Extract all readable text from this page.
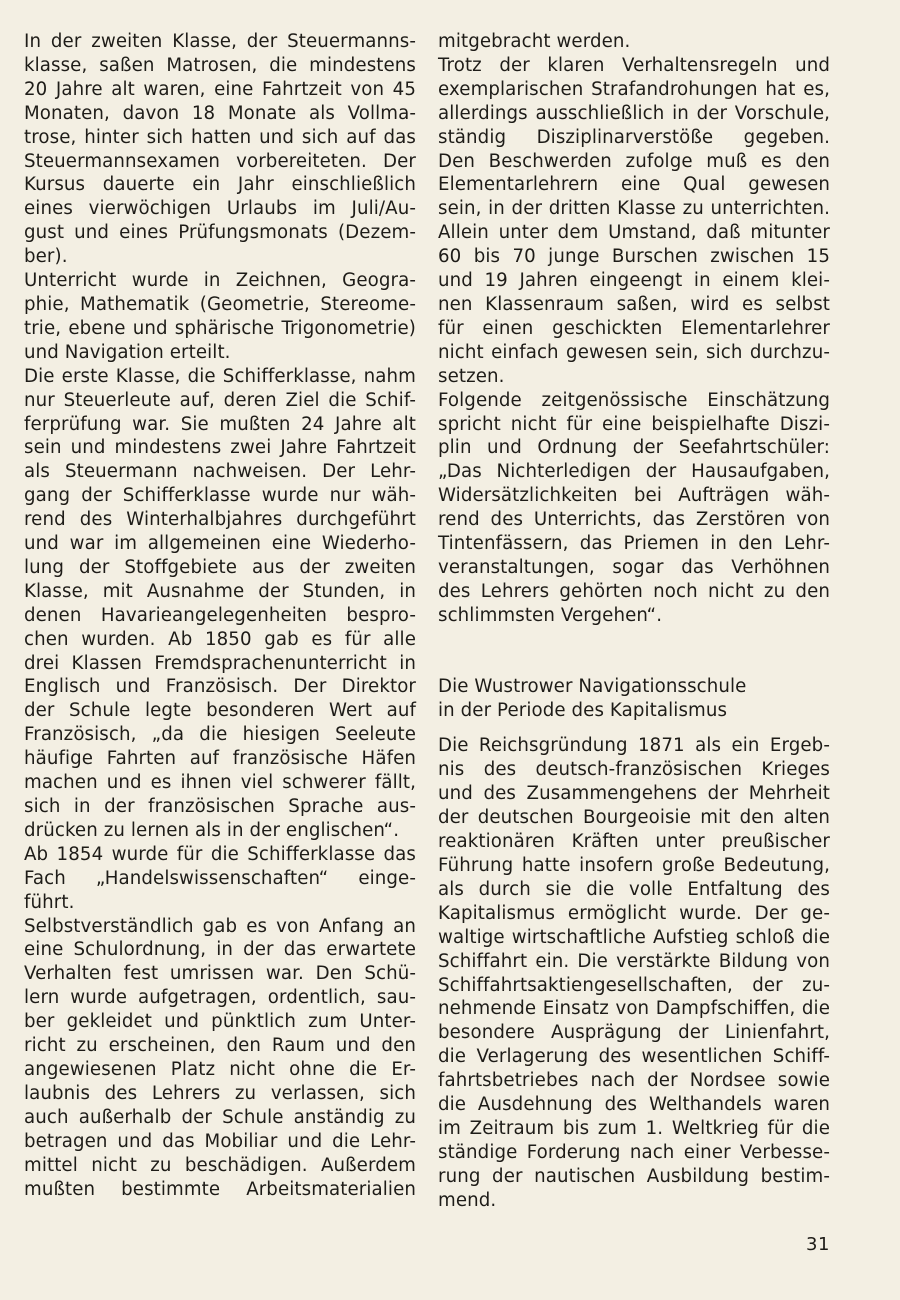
In der zweiten Klasse, der Steuermanns-
klasse, saßen Matrosen, die mindestens
20 Jahre alt waren, eine Fahrtzeit von 45
Monaten, davon 18 Monate als Vollma-
trose, hinter sich hatten und sich auf das
Steuermannsexamen vorbereiteten. Der
Kursus dauerte ein Jahr einschließlich
eines vierwöchigen Urlaubs im Juli/Au-
gust und eines Prüfungsmonats (Dezem-
ber).
Unterricht wurde in Zeichnen, Geogra-
phie, Mathematik (Geometrie, Stereome-
trie, ebene und sphärische Trigonometrie)
und Navigation erteilt.
Die erste Klasse, die Schifferklasse, nahm
nur Steuerleute auf, deren Ziel die Schif-
ferprüfung war. Sie mußten 24 Jahre alt
sein und mindestens zwei Jahre Fahrtzeit
als Steuermann nachweisen. Der Lehr-
gang der Schifferklasse wurde nur wäh-
rend des Winterhalbjahres durchgeführt
und war im allgemeinen eine Wiederho-
lung der Stoffgebiete aus der zweiten
Klasse, mit Ausnahme der Stunden, in
denen Havarieangelegenheiten bespro-
chen wurden. Ab 1850 gab es für alle
drei Klassen Fremdsprachenunterricht in
Englisch und Französisch. Der Direktor
der Schule legte besonderen Wert auf
Französisch, „da die hiesigen Seeleute
häufige Fahrten auf französische Häfen
machen und es ihnen viel schwerer fällt,
sich in der französischen Sprache aus-
drücken zu lernen als in der englischen“.
Ab 1854 wurde für die Schifferklasse das
Fach „Handelswissenschaften“ einge-
führt.
Selbstverständlich gab es von Anfang an
eine Schulordnung, in der das erwartete
Verhalten fest umrissen war. Den Schü-
lern wurde aufgetragen, ordentlich, sau-
ber gekleidet und pünktlich zum Unter-
richt zu erscheinen, den Raum und den
angewiesenen Platz nicht ohne die Er-
laubnis des Lehrers zu verlassen, sich
auch außerhalb der Schule anständig zu
betragen und das Mobiliar und die Lehr-
mittel nicht zu beschädigen. Außerdem
mußten bestimmte Arbeitsmaterialien
mitgebracht werden.
Trotz der klaren Verhaltensregeln und
exemplarischen Strafandrohungen hat es,
allerdings ausschließlich in der Vorschule,
ständig Disziplinarverstöße gegeben.
Den Beschwerden zufolge muß es den
Elementarlehrern eine Qual gewesen
sein, in der dritten Klasse zu unterrichten.
Allein unter dem Umstand, daß mitunter
60 bis 70 junge Burschen zwischen 15
und 19 Jahren eingeengt in einem klei-
nen Klassenraum saßen, wird es selbst
für einen geschickten Elementarlehrer
nicht einfach gewesen sein, sich durchzu-
setzen.
Folgende zeitgenössische Einschätzung
spricht nicht für eine beispielhafte Diszi-
plin und Ordnung der Seefahrtschüler:
„Das Nichterledigen der Hausaufgaben,
Widersätzlichkeiten bei Aufträgen wäh-
rend des Unterrichts, das Zerstören von
Tintenfässern, das Priemen in den Lehr-
veranstaltungen, sogar das Verhöhnen
des Lehrers gehörten noch nicht zu den
schlimmsten Vergehen“.
Die Wustrower Navigationsschule
in der Periode des Kapitalismus
Die Reichsgründung 1871 als ein Ergeb-
nis des deutsch-französischen Krieges
und des Zusammengehens der Mehrheit
der deutschen Bourgeoisie mit den alten
reaktionären Kräften unter preußischer
Führung hatte insofern große Bedeutung,
als durch sie die volle Entfaltung des
Kapitalismus ermöglicht wurde. Der ge-
waltige wirtschaftliche Aufstieg schloß die
Schiffahrt ein. Die verstärkte Bildung von
Schiffahrtsaktiengesellschaften, der zu-
nehmende Einsatz von Dampfschiffen, die
besondere Ausprägung der Linienfahrt,
die Verlagerung des wesentlichen Schiff-
fahrtsbetriebes nach der Nordsee sowie
die Ausdehnung des Welthandels waren
im Zeitraum bis zum 1. Weltkrieg für die
ständige Forderung nach einer Verbesse-
rung der nautischen Ausbildung bestim-
mend.
31
